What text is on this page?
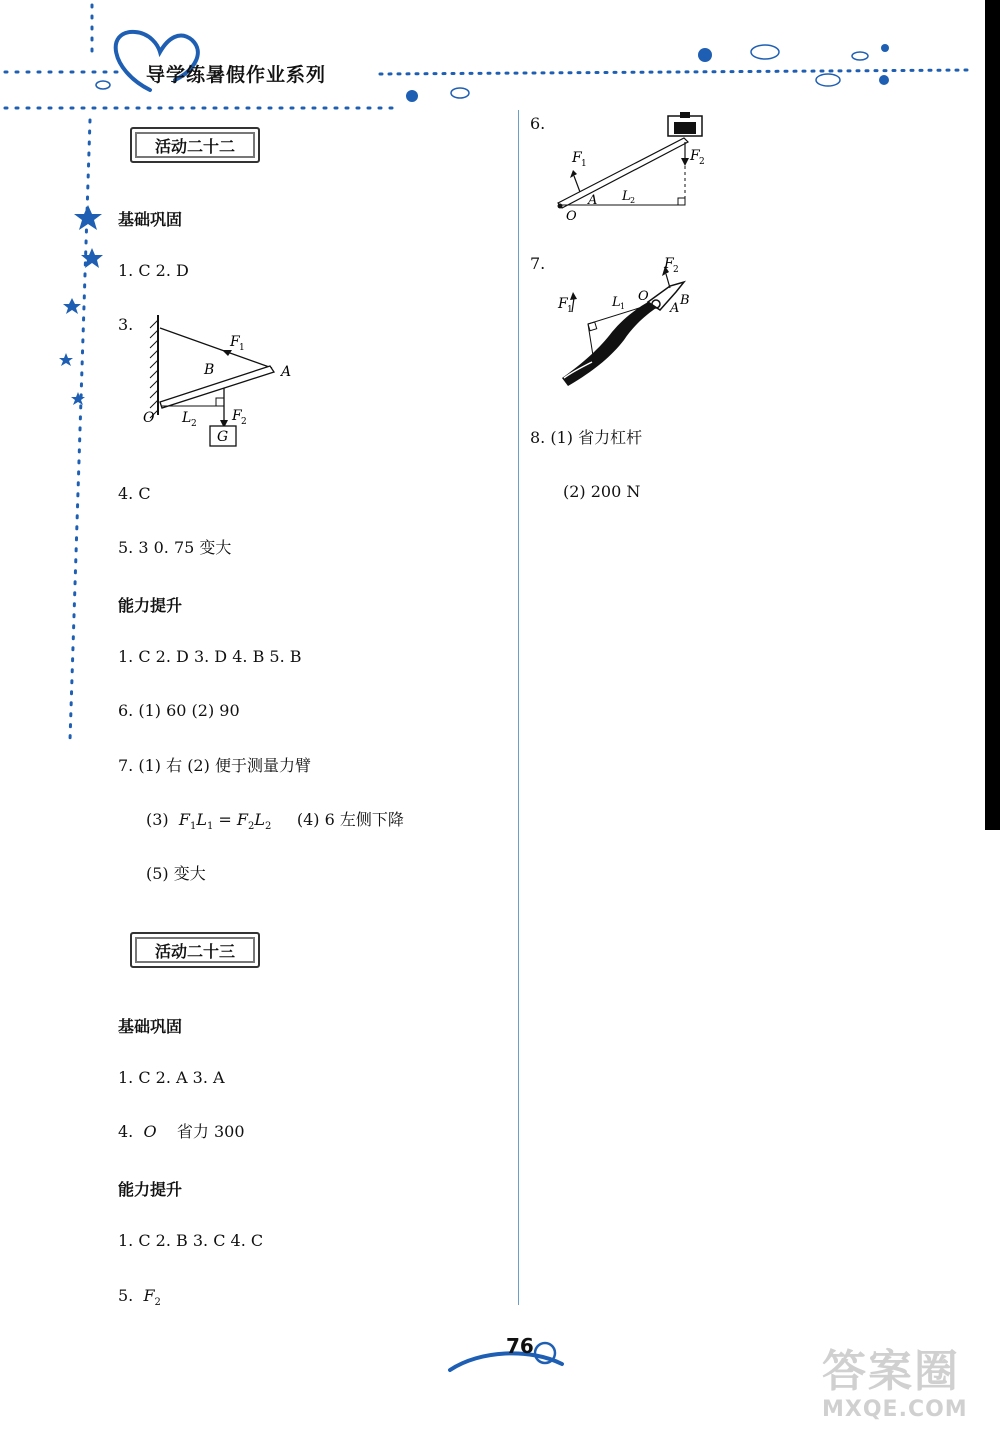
导学练暑假作业系列
活动二十二
基础巩固
1. C 2. D
3.
F 1
B	A
O L 2	F 2
G
4. C
5. 3 0. 75 变大
能力提升
1. C 2. D 3. D 4. B 5. B
6. (1) 60 (2) 90
7. (1) 右 (2) 便于测量力臂
(3) $F_1L_1 = F_2L_2$ (4) 6 左侧下降
(5) 变大
活动二十三
基础巩固
1. C 2. A 3. A
4. O 省力 300
能力提升
1. C 2. B 3. C 4. C
5. $F_2$
6.
F 1	F 2
A L 2
O
7.
F 1	L 1
O
F 2
A
B
8. (1) 省力杠杆
(2) 200 N
76	答案圈
MXQE.COM
